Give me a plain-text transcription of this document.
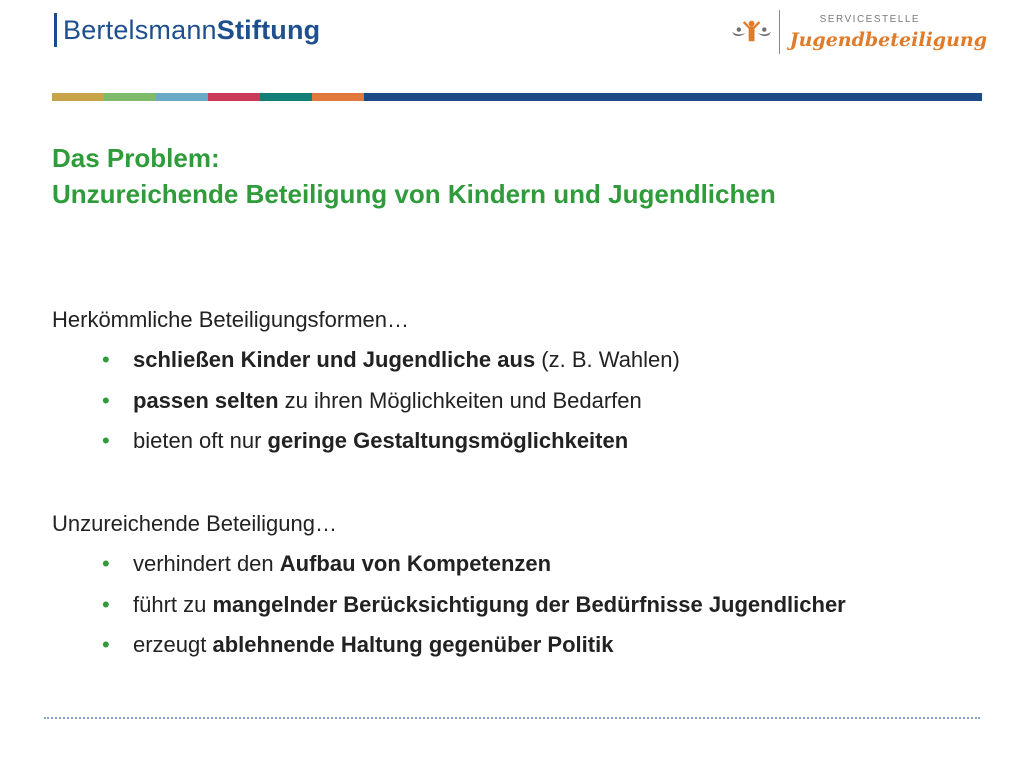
BertelsmannStiftung	SERVICESTELLE
Jugendbeteiligung
Das Problem:
Unzureichende Beteiligung von Kindern und Jugendlichen
Herkömmliche Beteiligungsformen…
• schließen Kinder und Jugendliche aus (z. B. Wahlen)
• passen selten zu ihren Möglichkeiten und Bedarfen
• bieten oft nur geringe Gestaltungsmöglichkeiten
Unzureichende Beteiligung…
• verhindert den Aufbau von Kompetenzen
• führt zu mangelnder Berücksichtigung der Bedürfnisse Jugendlicher
• erzeugt ablehnende Haltung gegenüber Politik
